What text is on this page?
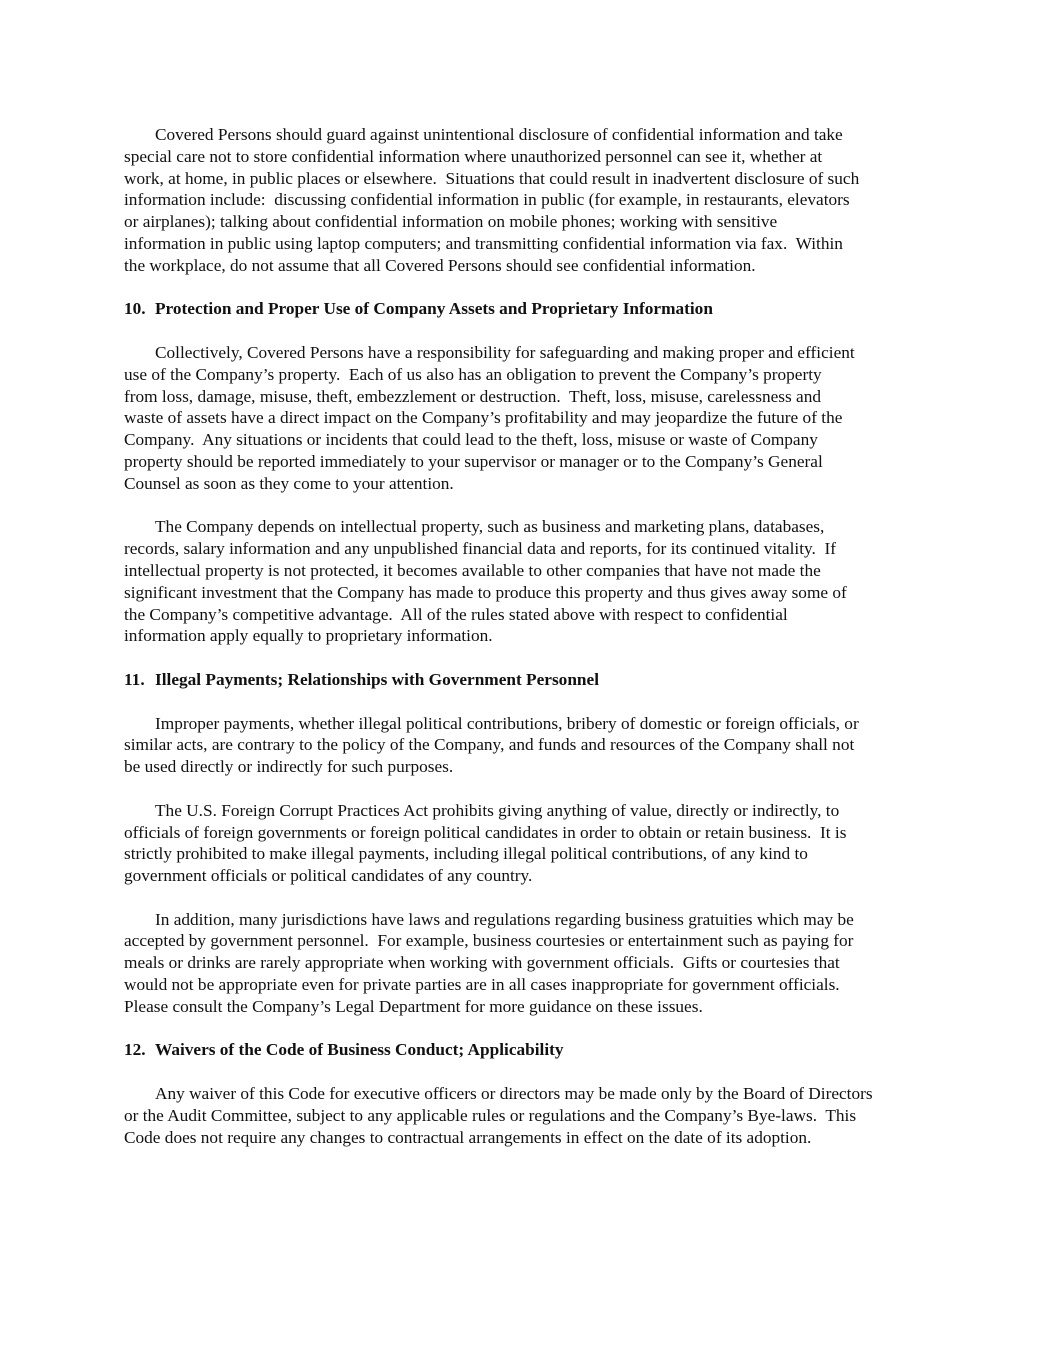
Covered Persons should guard against unintentional disclosure of confidential information and take
special care not to store confidential information where unauthorized personnel can see it, whether at
work, at home, in public places or elsewhere.  Situations that could result in inadvertent disclosure of such
information include:  discussing confidential information in public (for example, in restaurants, elevators
or airplanes); talking about confidential information on mobile phones; working with sensitive
information in public using laptop computers; and transmitting confidential information via fax.  Within
the workplace, do not assume that all Covered Persons should see confidential information.

10. Protection and Proper Use of Company Assets and Proprietary Information

Collectively, Covered Persons have a responsibility for safeguarding and making proper and efficient
use of the Company’s property.  Each of us also has an obligation to prevent the Company’s property
from loss, damage, misuse, theft, embezzlement or destruction.  Theft, loss, misuse, carelessness and
waste of assets have a direct impact on the Company’s profitability and may jeopardize the future of the
Company.  Any situations or incidents that could lead to the theft, loss, misuse or waste of Company
property should be reported immediately to your supervisor or manager or to the Company’s General
Counsel as soon as they come to your attention.

The Company depends on intellectual property, such as business and marketing plans, databases,
records, salary information and any unpublished financial data and reports, for its continued vitality.  If
intellectual property is not protected, it becomes available to other companies that have not made the
significant investment that the Company has made to produce this property and thus gives away some of
the Company’s competitive advantage.  All of the rules stated above with respect to confidential
information apply equally to proprietary information.

11. Illegal Payments; Relationships with Government Personnel

Improper payments, whether illegal political contributions, bribery of domestic or foreign officials, or
similar acts, are contrary to the policy of the Company, and funds and resources of the Company shall not
be used directly or indirectly for such purposes.

The U.S. Foreign Corrupt Practices Act prohibits giving anything of value, directly or indirectly, to
officials of foreign governments or foreign political candidates in order to obtain or retain business.  It is
strictly prohibited to make illegal payments, including illegal political contributions, of any kind to
government officials or political candidates of any country.

In addition, many jurisdictions have laws and regulations regarding business gratuities which may be
accepted by government personnel.  For example, business courtesies or entertainment such as paying for
meals or drinks are rarely appropriate when working with government officials.  Gifts or courtesies that
would not be appropriate even for private parties are in all cases inappropriate for government officials.
Please consult the Company’s Legal Department for more guidance on these issues.

12. Waivers of the Code of Business Conduct; Applicability

Any waiver of this Code for executive officers or directors may be made only by the Board of Directors
or the Audit Committee, subject to any applicable rules or regulations and the Company’s Bye-laws.  This
Code does not require any changes to contractual arrangements in effect on the date of its adoption.
